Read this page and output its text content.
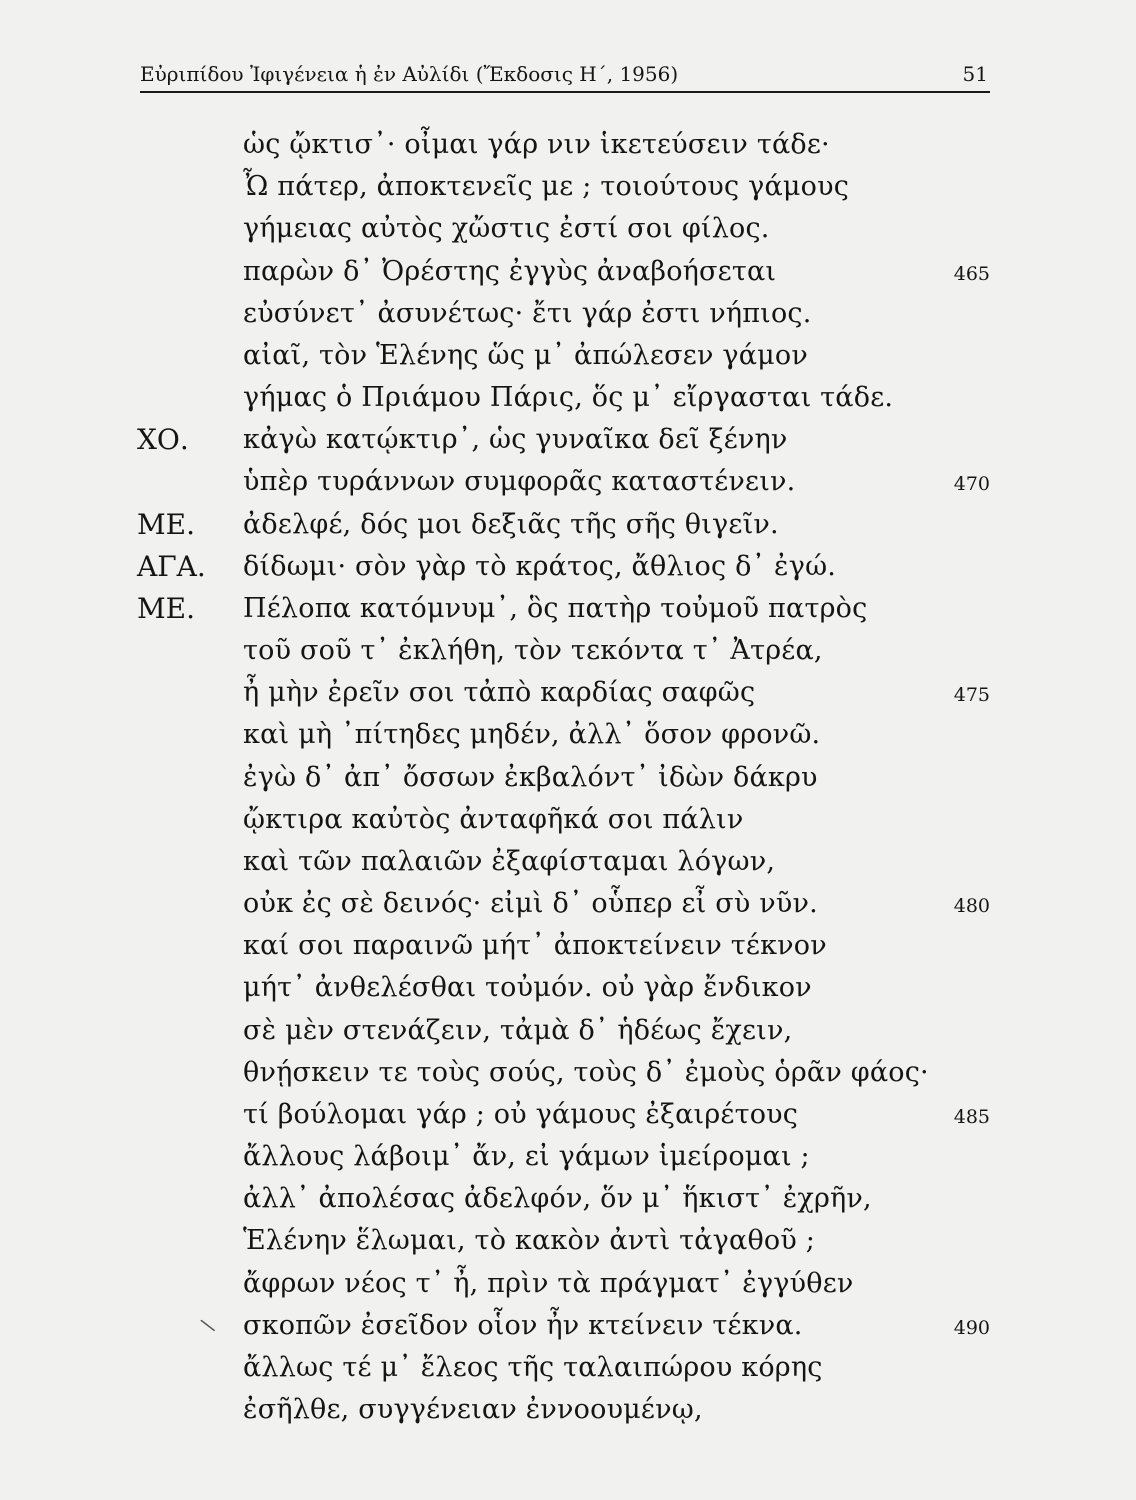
Εὐριπίδου Ἰφιγένεια ἡ ἐν Αὐλίδι (Ἔκδοσις Η΄, 1956)	51
ὡς ᾤκτισ᾽· οἶμαι γάρ νιν ἱκετεύσειν τάδε·
Ὦ πάτερ, ἀποκτενεῖς με ; τοιούτους γάμους
γήμειας αὐτὸς χὤστις ἐστί σοι φίλος.
παρὼν δ᾽ Ὀρέστης ἐγγὺς ἀναβοήσεται	465
εὐσύνετ᾽ ἀσυνέτως· ἔτι γάρ ἐστι νήπιος.
αἰαῖ, τὸν Ἑλένης ὥς μ᾽ ἀπώλεσεν γάμον
γήμας ὁ Πριάμου Πάρις, ὅς μ᾽ εἴργασται τάδε.
ΧΟ. κἀγὼ κατῴκτιρ᾽, ὡς γυναῖκα δεῖ ξένην
ὑπὲρ τυράννων συμφορᾶς καταστένειν.	470
ΜΕ. ἀδελφέ, δός μοι δεξιᾶς τῆς σῆς θιγεῖν.
ΑΓΑ. δίδωμι· σὸν γὰρ τὸ κράτος, ἄθλιος δ᾽ ἐγώ.
ΜΕ. Πέλοπα κατόμνυμ᾽, ὃς πατὴρ τοὐμοῦ πατρὸς
τοῦ σοῦ τ᾽ ἐκλήθη, τὸν τεκόντα τ᾽ Ἀτρέα,
ἦ μὴν ἐρεῖν σοι τἀπὸ καρδίας σαφῶς	475
καὶ μὴ ᾽πίτηδες μηδέν, ἀλλ᾽ ὅσον φρονῶ.
ἐγὼ δ᾽ ἀπ᾽ ὄσσων ἐκβαλόντ᾽ ἰδὼν δάκρυ
ᾤκτιρα καὐτὸς ἀνταφῆκά σοι πάλιν
καὶ τῶν παλαιῶν ἐξαφίσταμαι λόγων,
οὐκ ἐς σὲ δεινός· εἰμὶ δ᾽ οὗπερ εἶ σὺ νῦν.	480
καί σοι παραινῶ μήτ᾽ ἀποκτείνειν τέκνον
μήτ᾽ ἀνθελέσθαι τοὐμόν. οὐ γὰρ ἔνδικον
σὲ μὲν στενάζειν, τἀμὰ δ᾽ ἡδέως ἔχειν,
θνῄσκειν τε τοὺς σούς, τοὺς δ᾽ ἐμοὺς ὁρᾶν φάος·
τί βούλομαι γάρ ; οὐ γάμους ἐξαιρέτους	485
ἄλλους λάβοιμ᾽ ἄν, εἰ γάμων ἱμείρομαι ;
ἀλλ᾽ ἀπολέσας ἀδελφόν, ὅν μ᾽ ἥκιστ᾽ ἐχρῆν,
Ἑλένην ἕλωμαι, τὸ κακὸν ἀντὶ τἀγαθοῦ ;
ἄφρων νέος τ᾽ ἦ, πρὶν τὰ πράγματ᾽ ἐγγύθεν
σκοπῶν ἐσεῖδον οἷον ἦν κτείνειν τέκνα.	490
ἄλλως τέ μ᾽ ἔλεος τῆς ταλαιπώρου κόρης
ἐσῆλθε, συγγένειαν ἐννοουμένῳ,
\
